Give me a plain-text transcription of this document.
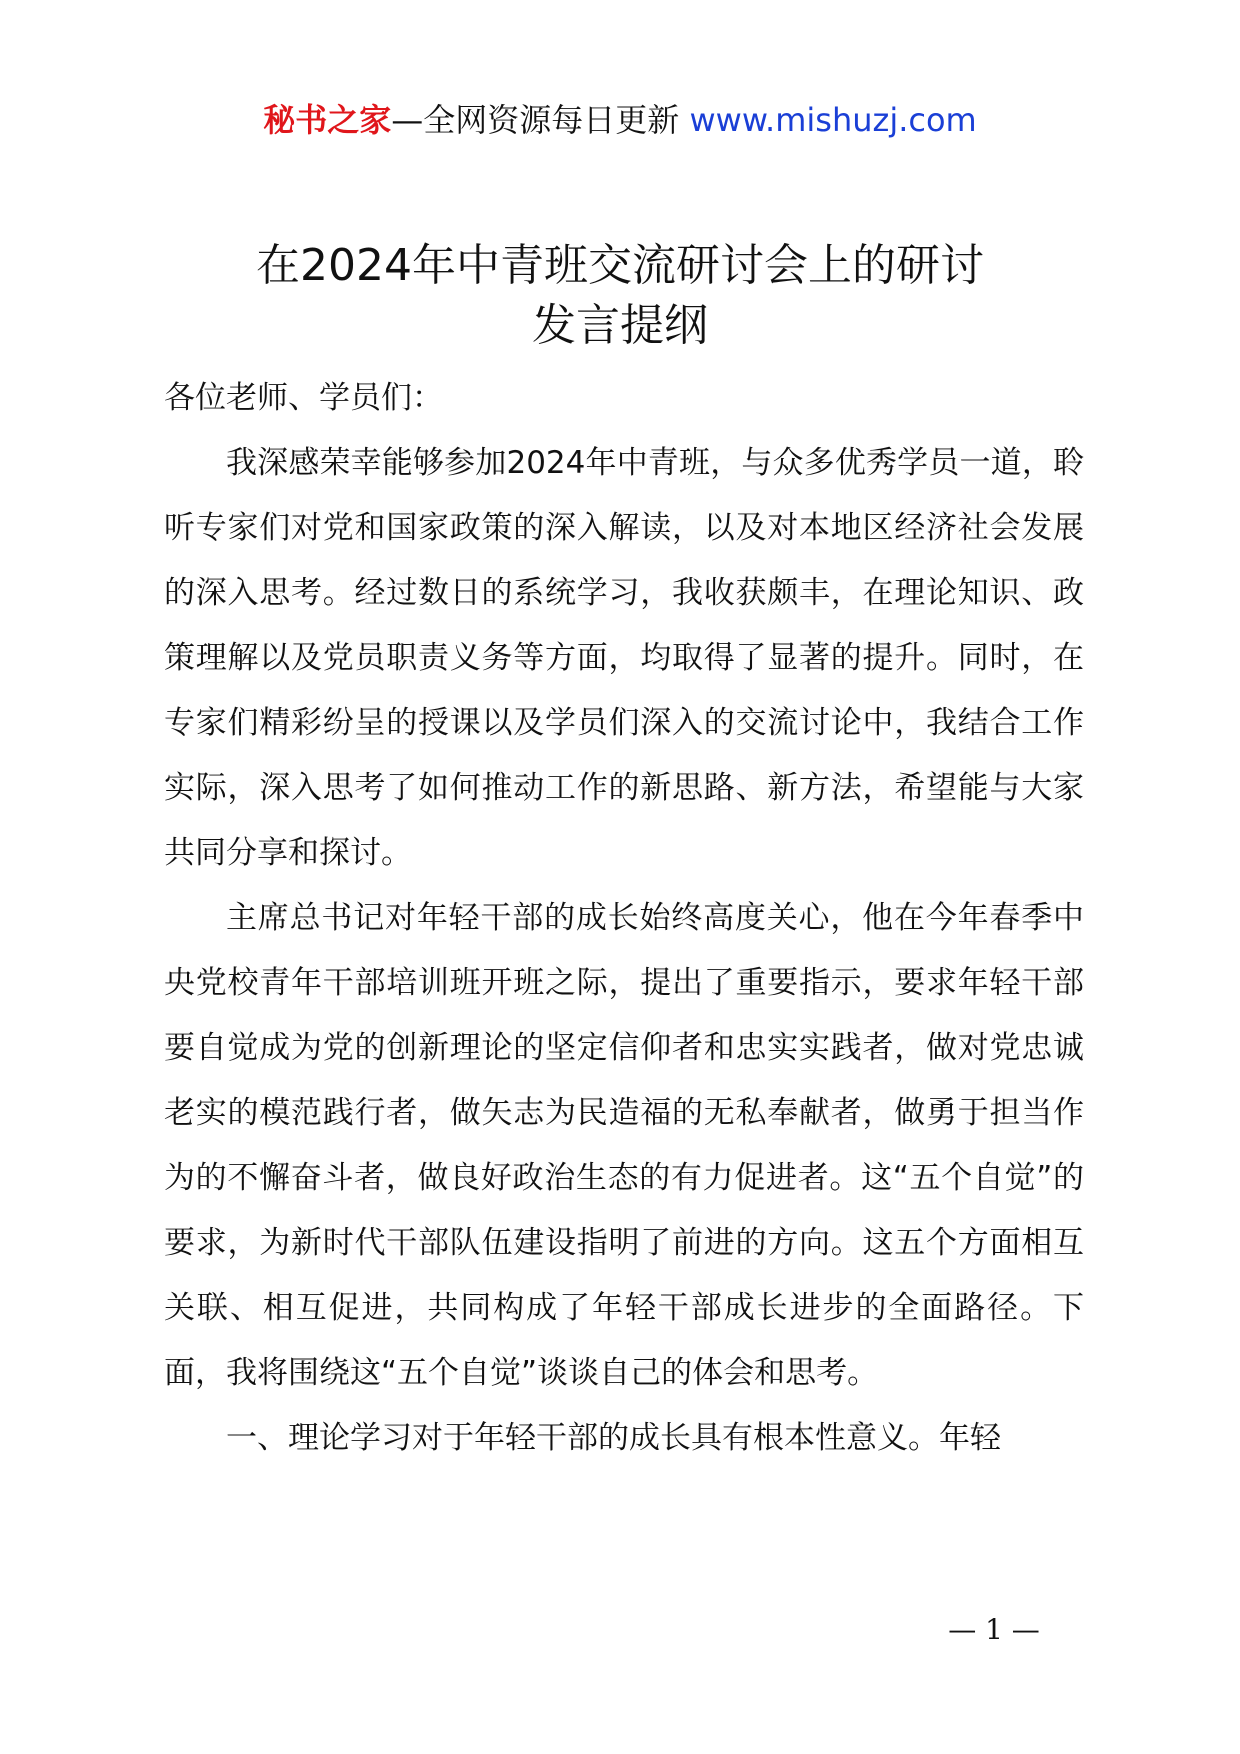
秘书之家—全网资源每日更新 www.mishuzj.com
在2024年中青班交流研讨会上的研讨
发言提纲

各位老师、学员们：

我深感荣幸能够参加2024年中青班，与众多优秀学员一道，聆听专家们对党和国家政策的深入解读，以及对本地区经济社会发展的深入思考。经过数日的系统学习，我收获颇丰，在理论知识、政策理解以及党员职责义务等方面，均取得了显著的提升。同时，在专家们精彩纷呈的授课以及学员们深入的交流讨论中，我结合工作实际，深入思考了如何推动工作的新思路、新方法，希望能与大家共同分享和探讨。

主席总书记对年轻干部的成长始终高度关心，他在今年春季中央党校青年干部培训班开班之际，提出了重要指示，要求年轻干部要自觉成为党的创新理论的坚定信仰者和忠实实践者，做对党忠诚老实的模范践行者，做矢志为民造福的无私奉献者，做勇于担当作为的不懈奋斗者，做良好政治生态的有力促进者。这“五个自觉”的要求，为新时代干部队伍建设指明了前进的方向。这五个方面相互关联、相互促进，共同构成了年轻干部成长进步的全面路径。下面，我将围绕这“五个自觉”谈谈自己的体会和思考。

一、理论学习对于年轻干部的成长具有根本性意义。年轻

— 1 —
